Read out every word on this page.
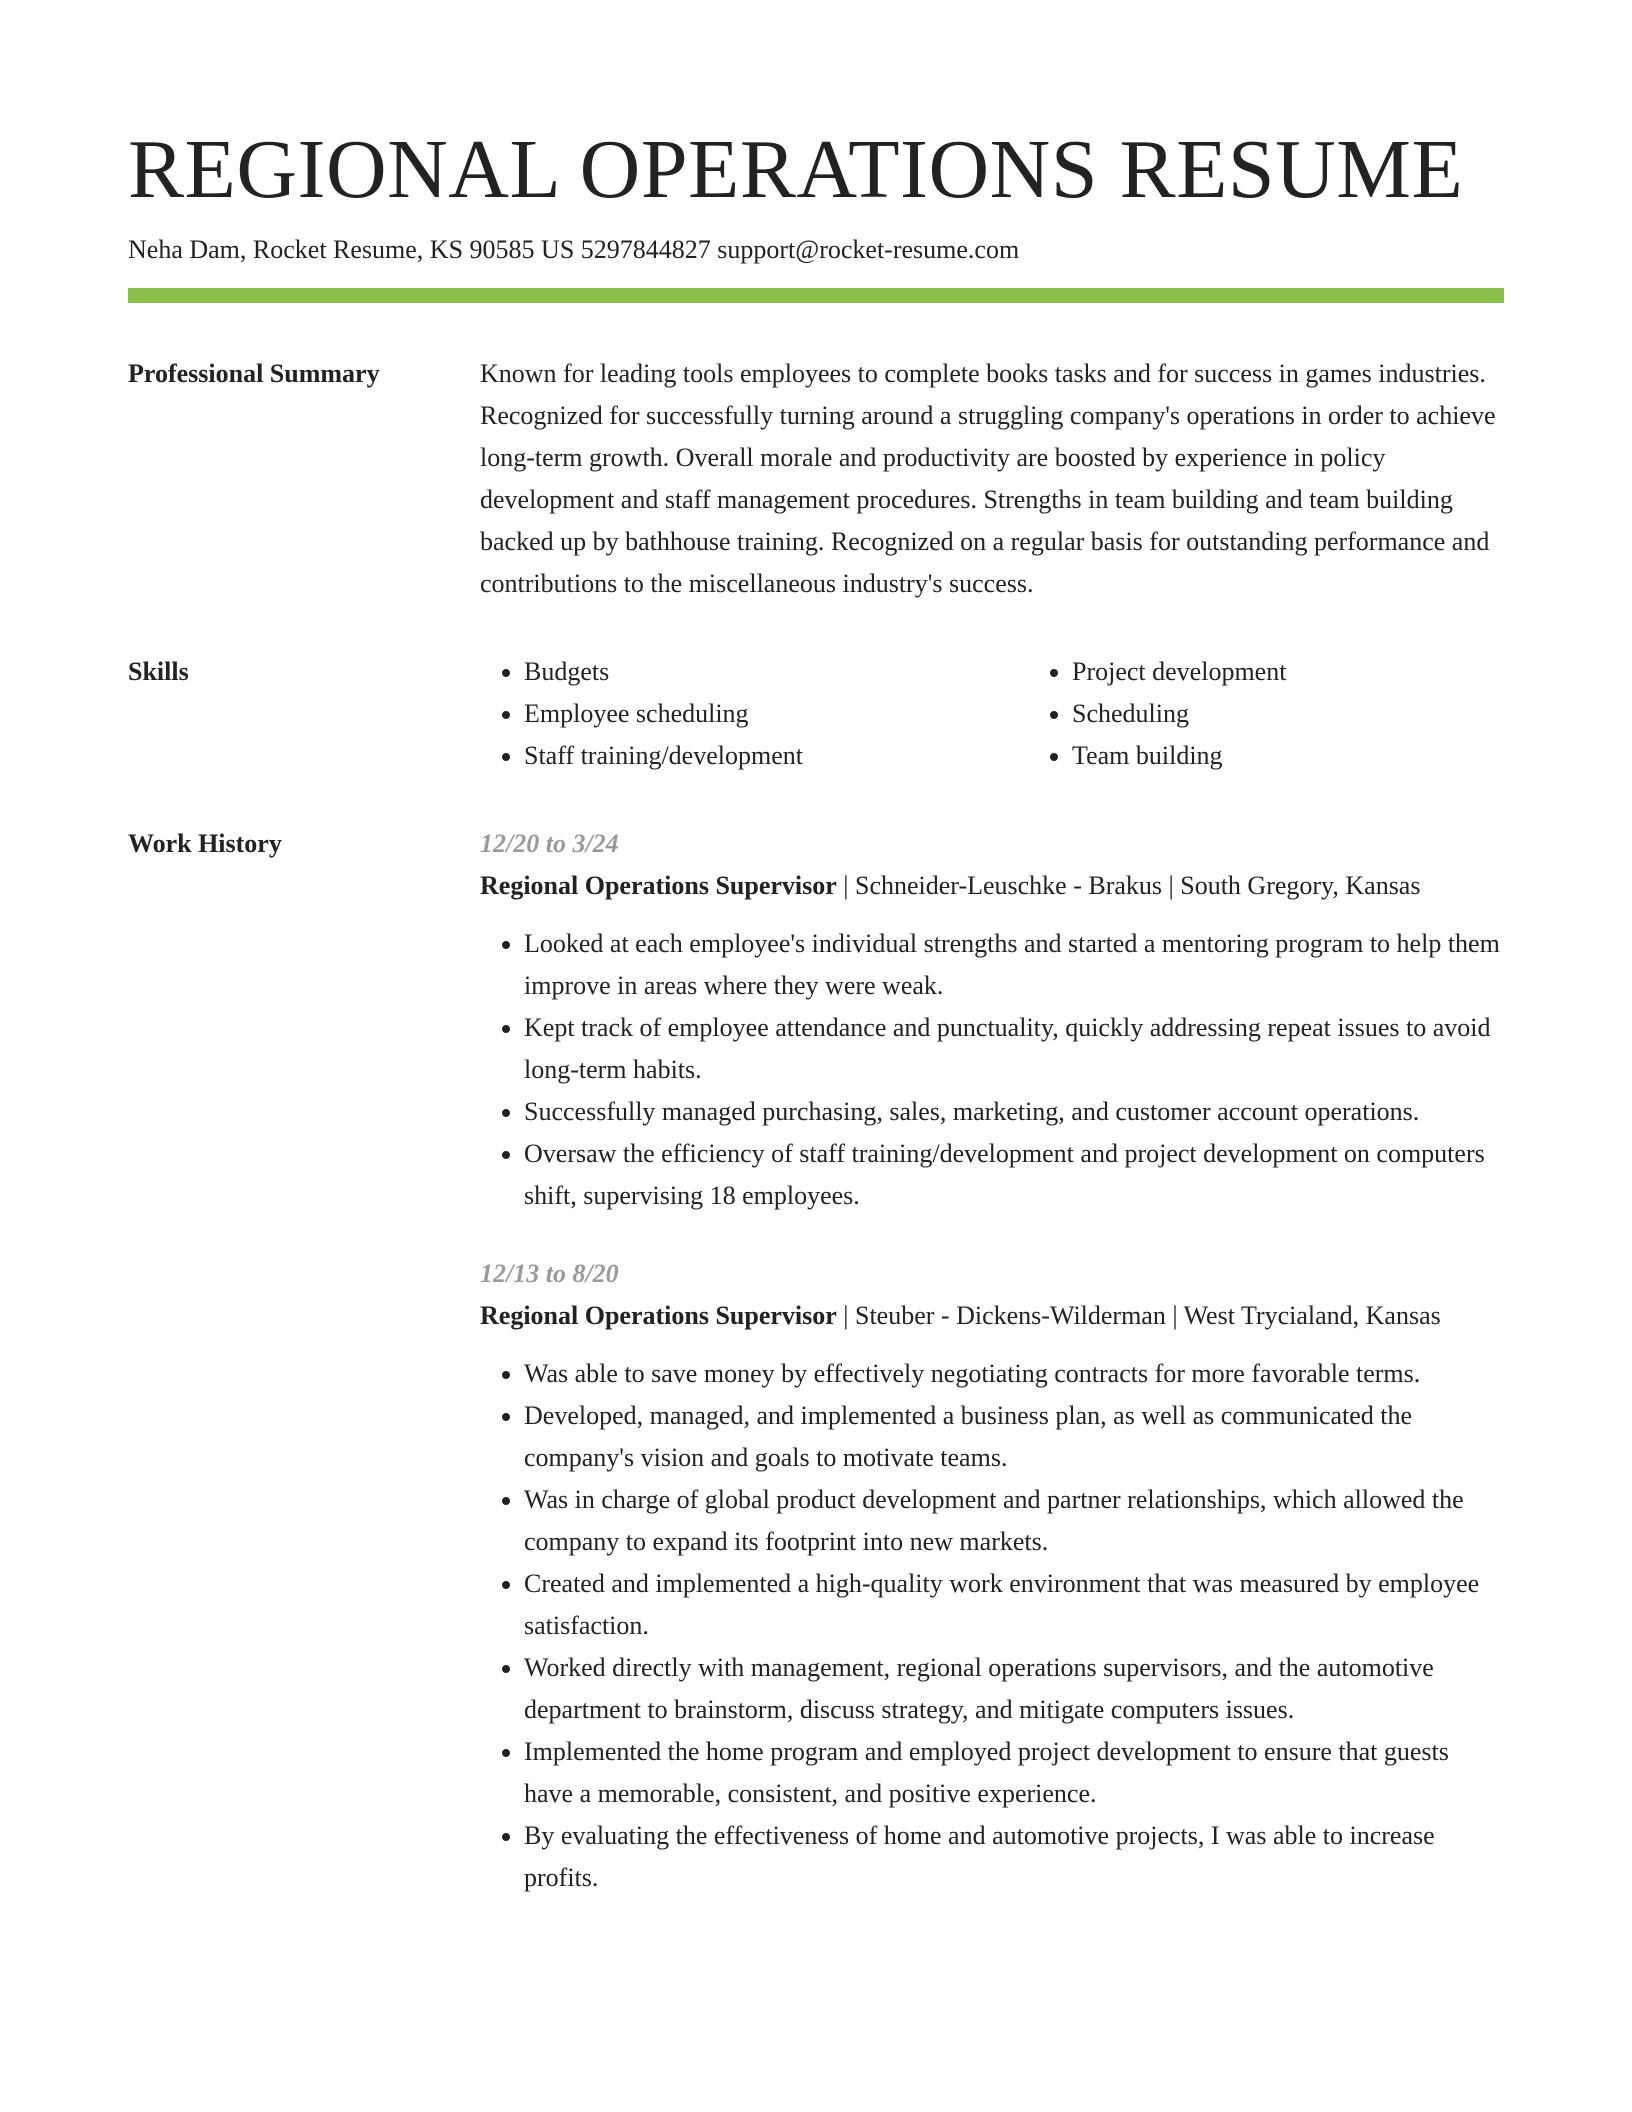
REGIONAL OPERATIONS RESUME
Neha Dam, Rocket Resume, KS 90585 US 5297844827 support@rocket-resume.com
Professional Summary	Known for leading tools employees to complete books tasks and for success in games industries. Recognized for successfully turning around a struggling company's operations in order to achieve long-term growth. Overall morale and productivity are boosted by experience in policy development and staff management procedures. Strengths in team building and team building backed up by bathhouse training. Recognized on a regular basis for outstanding performance and contributions to the miscellaneous industry's success.

Skills
•	Budgets
• Employee scheduling
• Staff training/development
• Project development
• Scheduling
• Team building
Work History	12/20 to 3/24
Regional Operations Supervisor | Schneider-Leuschke - Brakus | South Gregory, Kansas
• Looked at each employee's individual strengths and started a mentoring program to help them improve in areas where they were weak.
• Kept track of employee attendance and punctuality, quickly addressing repeat issues to avoid long-term habits.
• Successfully managed purchasing, sales, marketing, and customer account operations.
• Oversaw the efficiency of staff training/development and project development on computers shift, supervising 18 employees.
12/13 to 8/20
Regional Operations Supervisor | Steuber - Dickens-Wilderman | West Trycialand, Kansas
• Was able to save money by effectively negotiating contracts for more favorable terms.
• Developed, managed, and implemented a business plan, as well as communicated the company's vision and goals to motivate teams.
• Was in charge of global product development and partner relationships, which allowed the company to expand its footprint into new markets.
• Created and implemented a high-quality work environment that was measured by employee satisfaction.
• Worked directly with management, regional operations supervisors, and the automotive department to brainstorm, discuss strategy, and mitigate computers issues.
• Implemented the home program and employed project development to ensure that guests have a memorable, consistent, and positive experience.
• By evaluating the effectiveness of home and automotive projects, I was able to increase profits.
